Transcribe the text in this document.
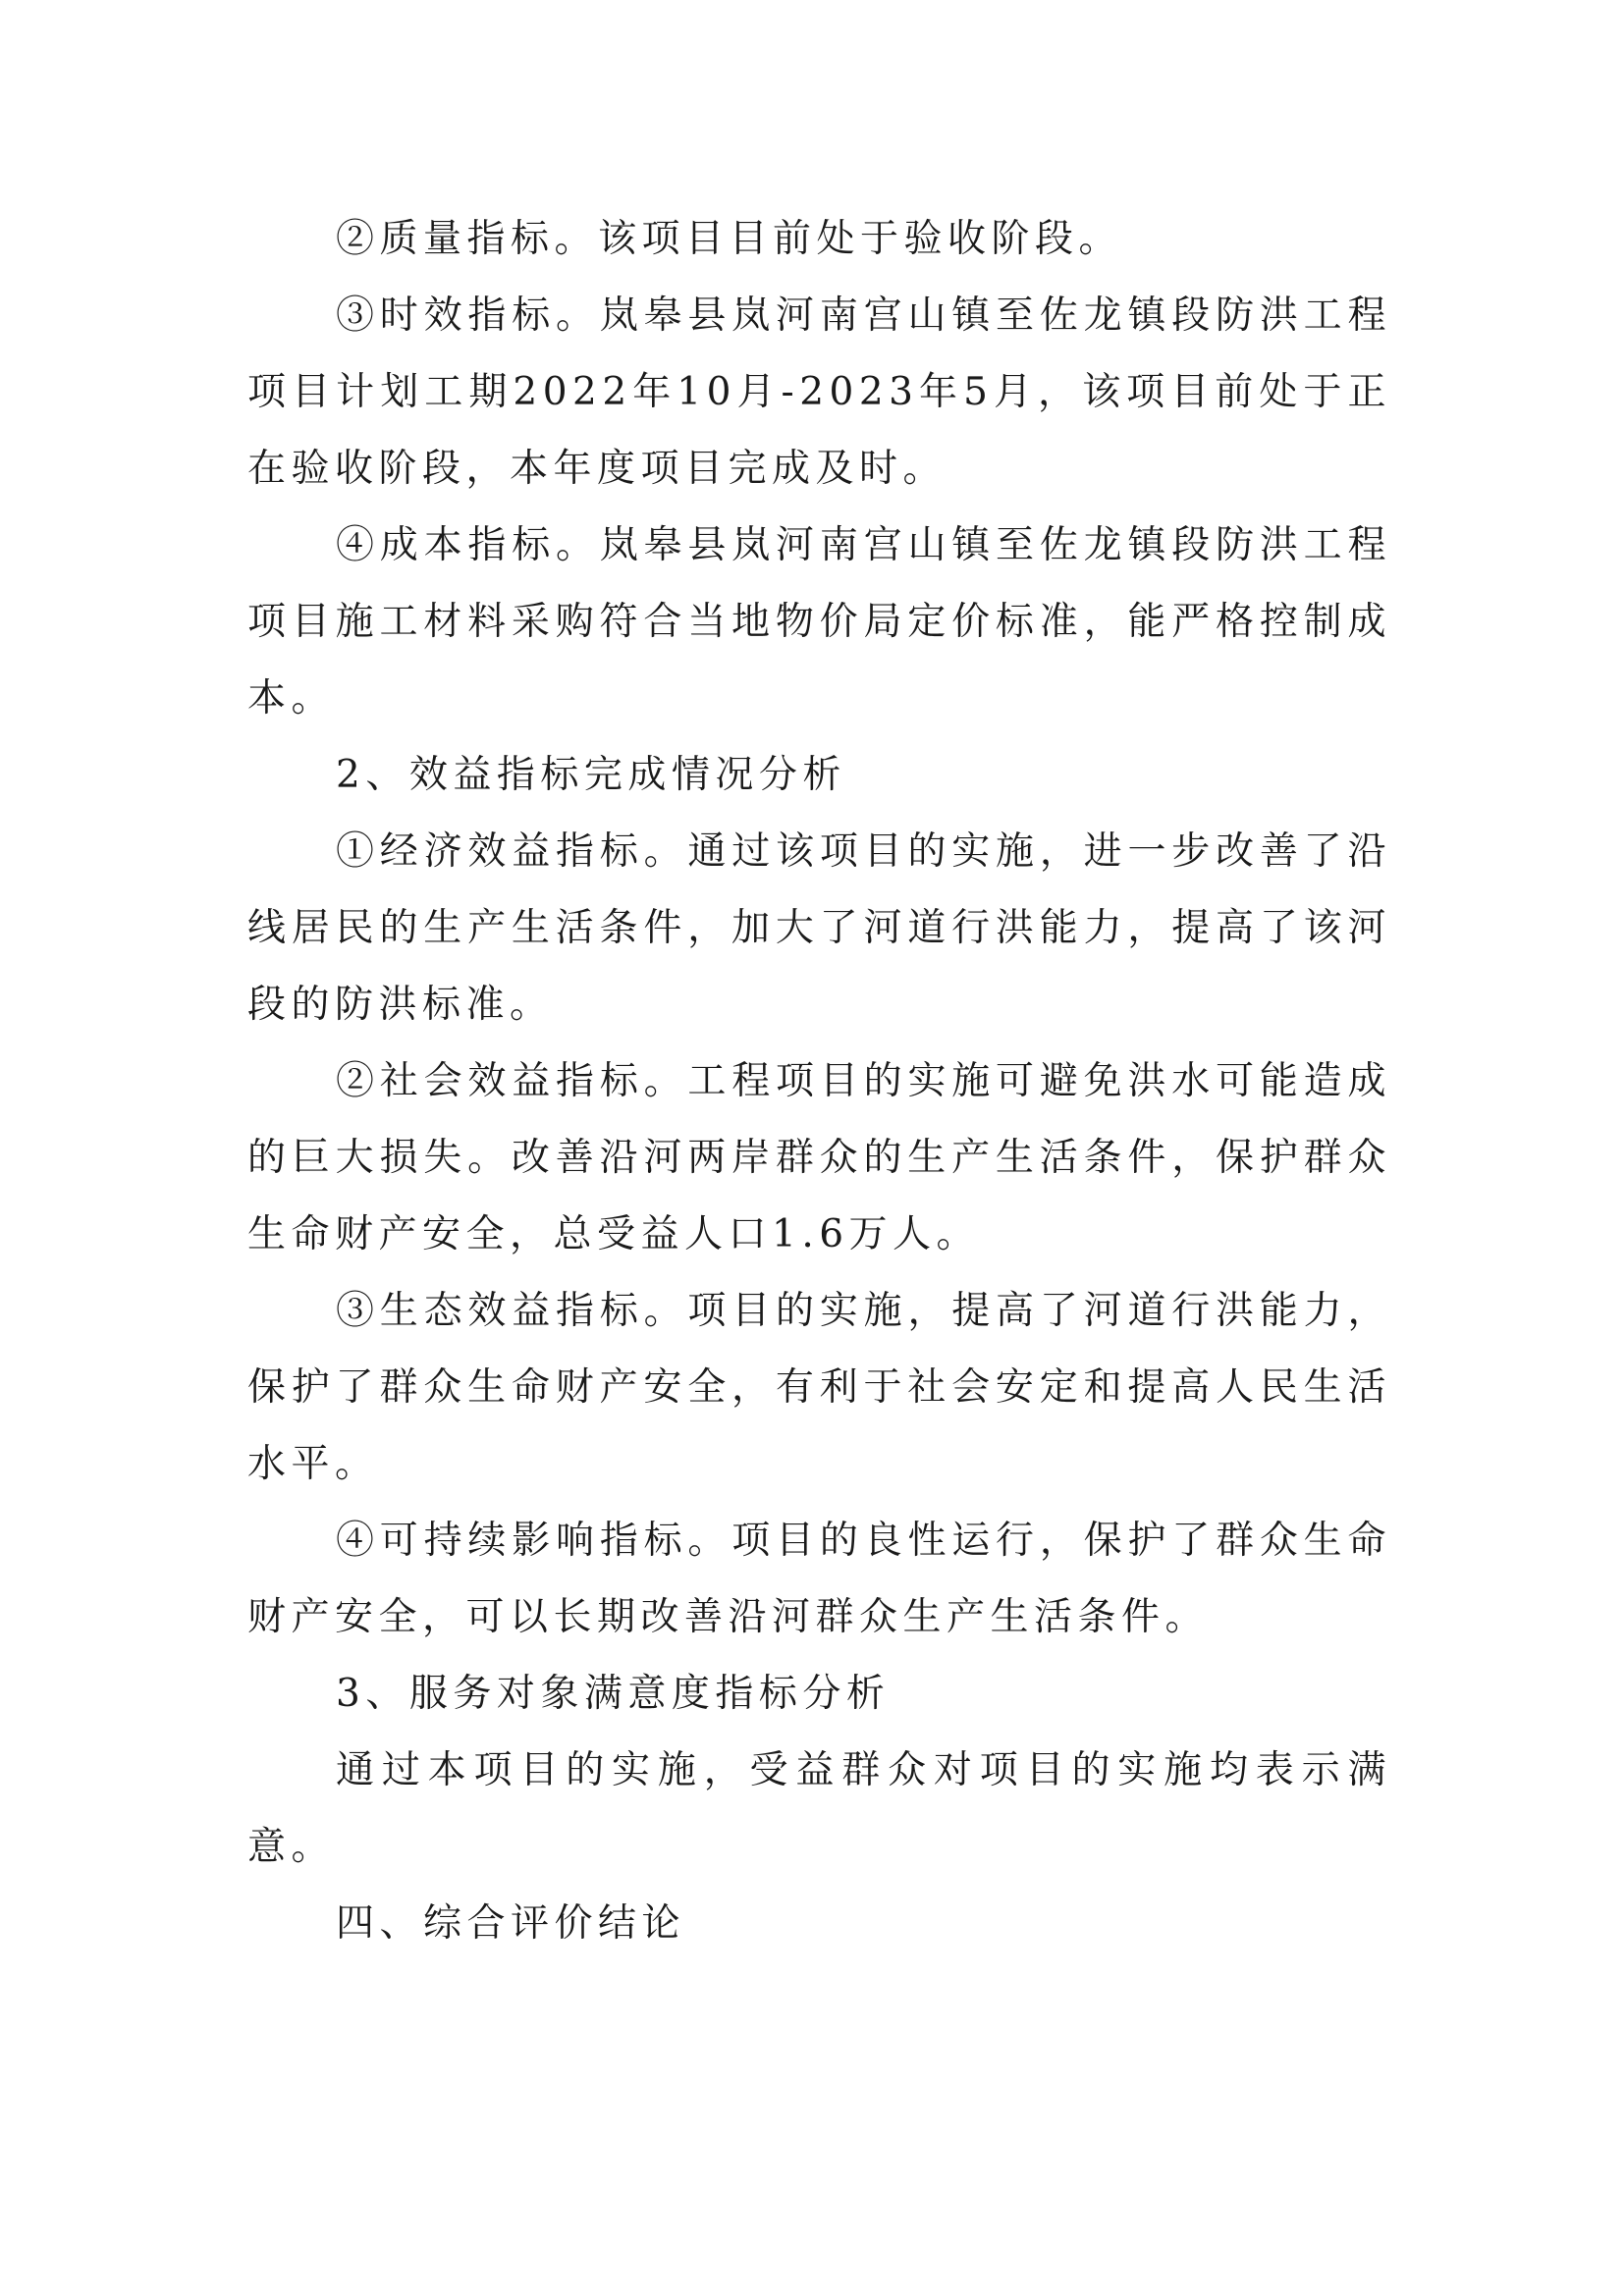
②质量指标。该项目目前处于验收阶段。

③时效指标。岚皋县岚河南宫山镇至佐龙镇段防洪工程项目计划工期2022年10月-2023年5月，该项目前处于正在验收阶段，本年度项目完成及时。

④成本指标。岚皋县岚河南宫山镇至佐龙镇段防洪工程项目施工材料采购符合当地物价局定价标准，能严格控制成本。

2、效益指标完成情况分析

①经济效益指标。通过该项目的实施，进一步改善了沿线居民的生产生活条件，加大了河道行洪能力，提高了该河段的防洪标准。

②社会效益指标。工程项目的实施可避免洪水可能造成的巨大损失。改善沿河两岸群众的生产生活条件，保护群众生命财产安全，总受益人口1.6万人。

③生态效益指标。项目的实施，提高了河道行洪能力，保护了群众生命财产安全，有利于社会安定和提高人民生活水平。

④可持续影响指标。项目的良性运行，保护了群众生命财产安全，可以长期改善沿河群众生产生活条件。

3、服务对象满意度指标分析

通过本项目的实施，受益群众对项目的实施均表示满意。

四、综合评价结论
